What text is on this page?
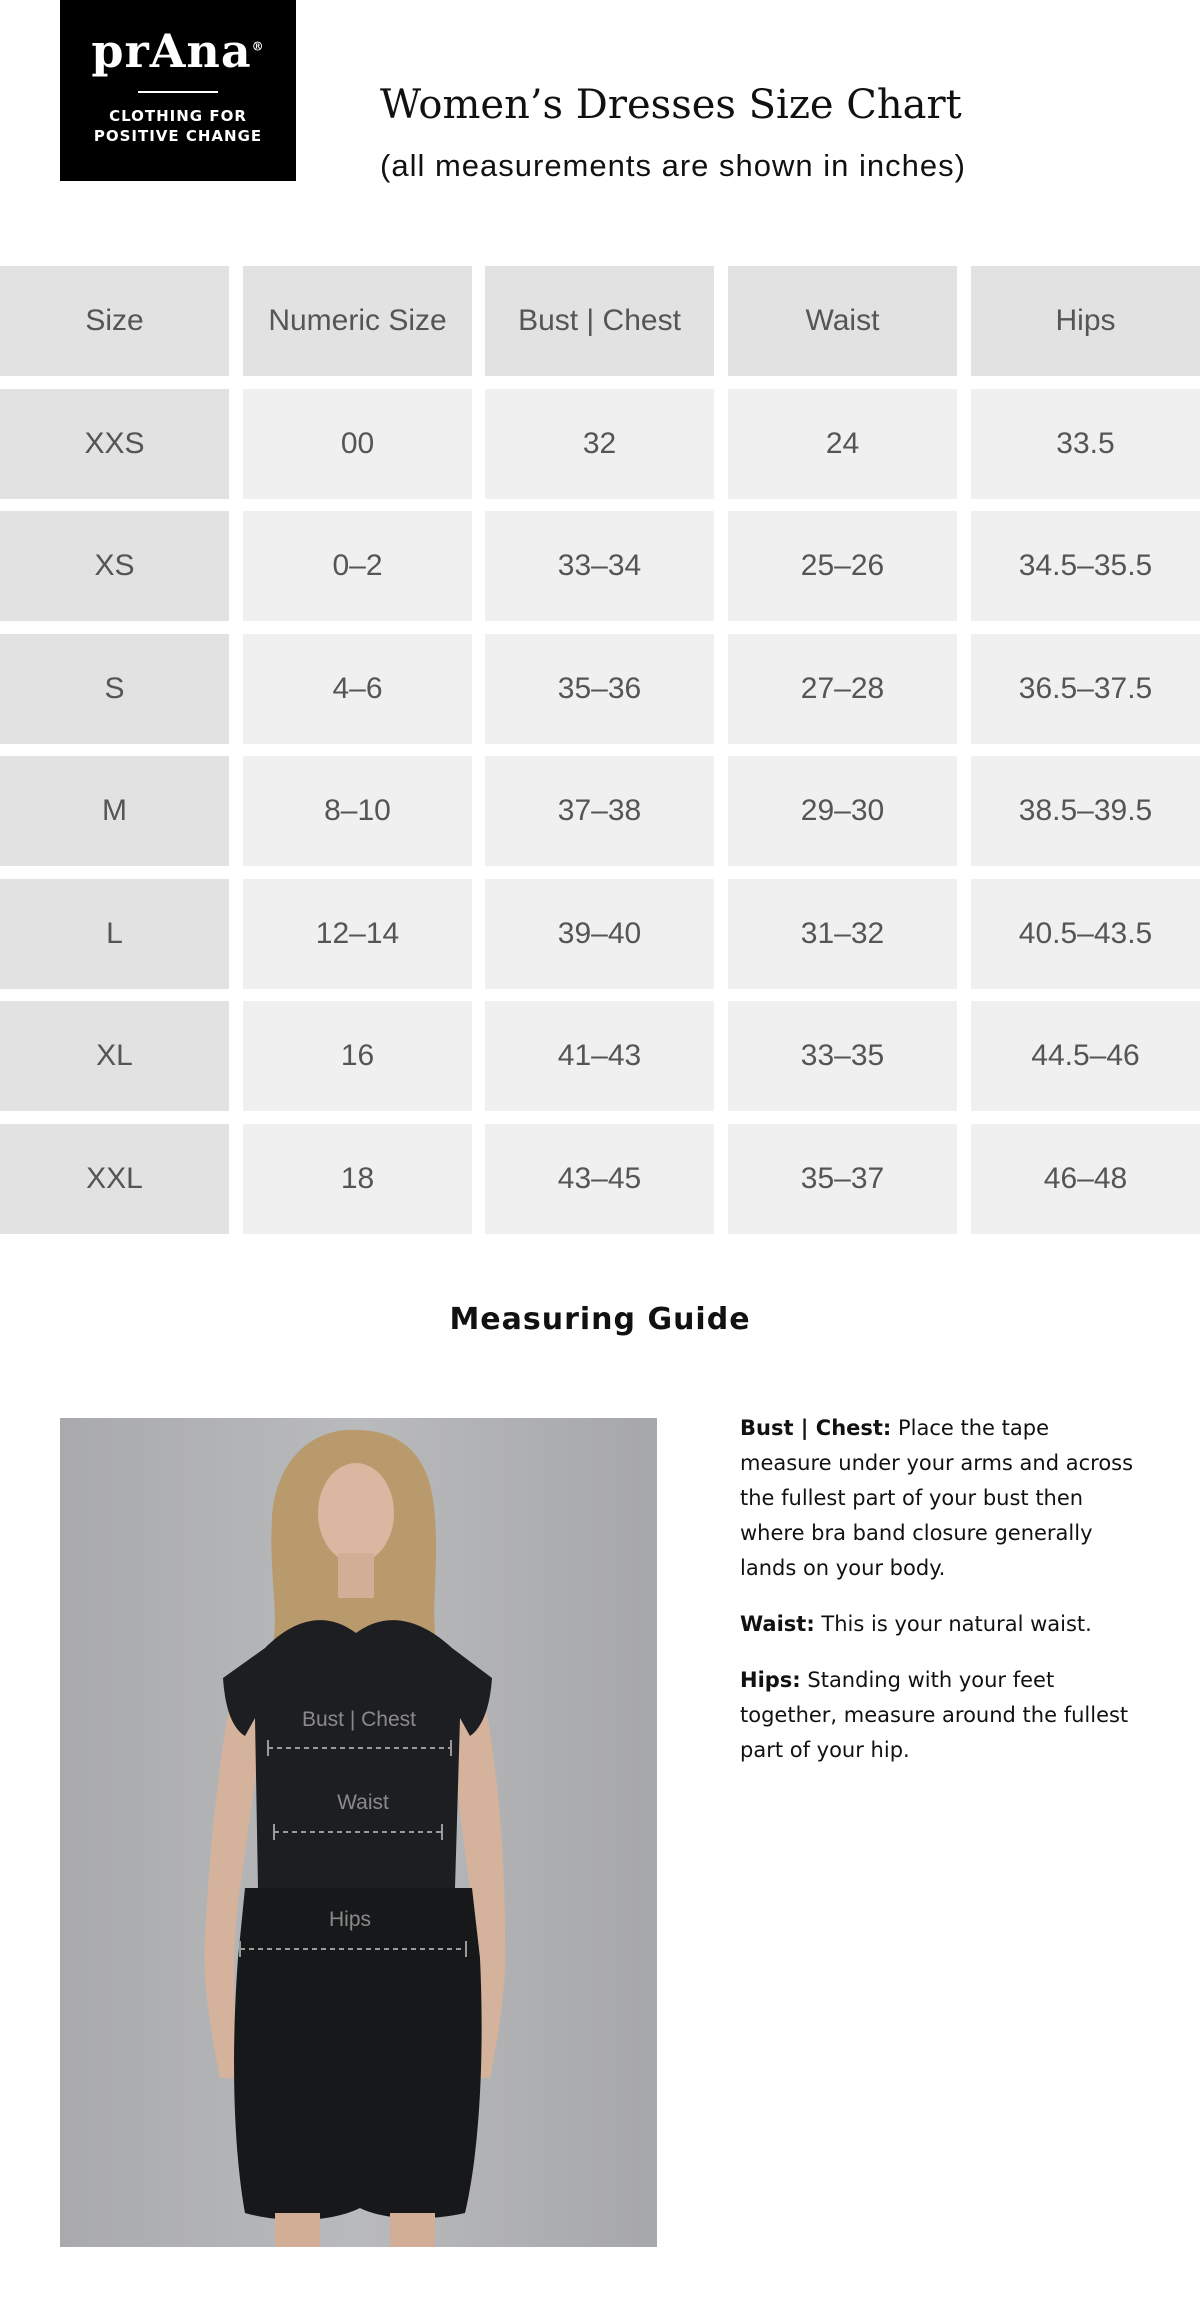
prAna®
CLOTHING FOR
POSITIVE CHANGE
Women’s Dresses Size Chart
(all measurements are shown in inches)
Size	Numeric Size	Bust | Chest	Waist	Hips
XXS	00	32	24	33.5
XS	0–2	33–34	25–26	34.5–35.5
S	4–6	35–36	27–28	36.5–37.5
M	8–10	37–38	29–30	38.5–39.5
L	12–14	39–40	31–32	40.5–43.5
XL	16	41–43	33–35	44.5–46
XXL	18	43–45	35–37	46–48
Measuring Guide
Bust | Chest
Waist
Hips

Bust | Chest: Place the tape measure under your arms and across the fullest part of your bust then where bra band closure generally lands on your body.

Waist: This is your natural waist.

Hips: Standing with your feet together, measure around the fullest part of your hip.
